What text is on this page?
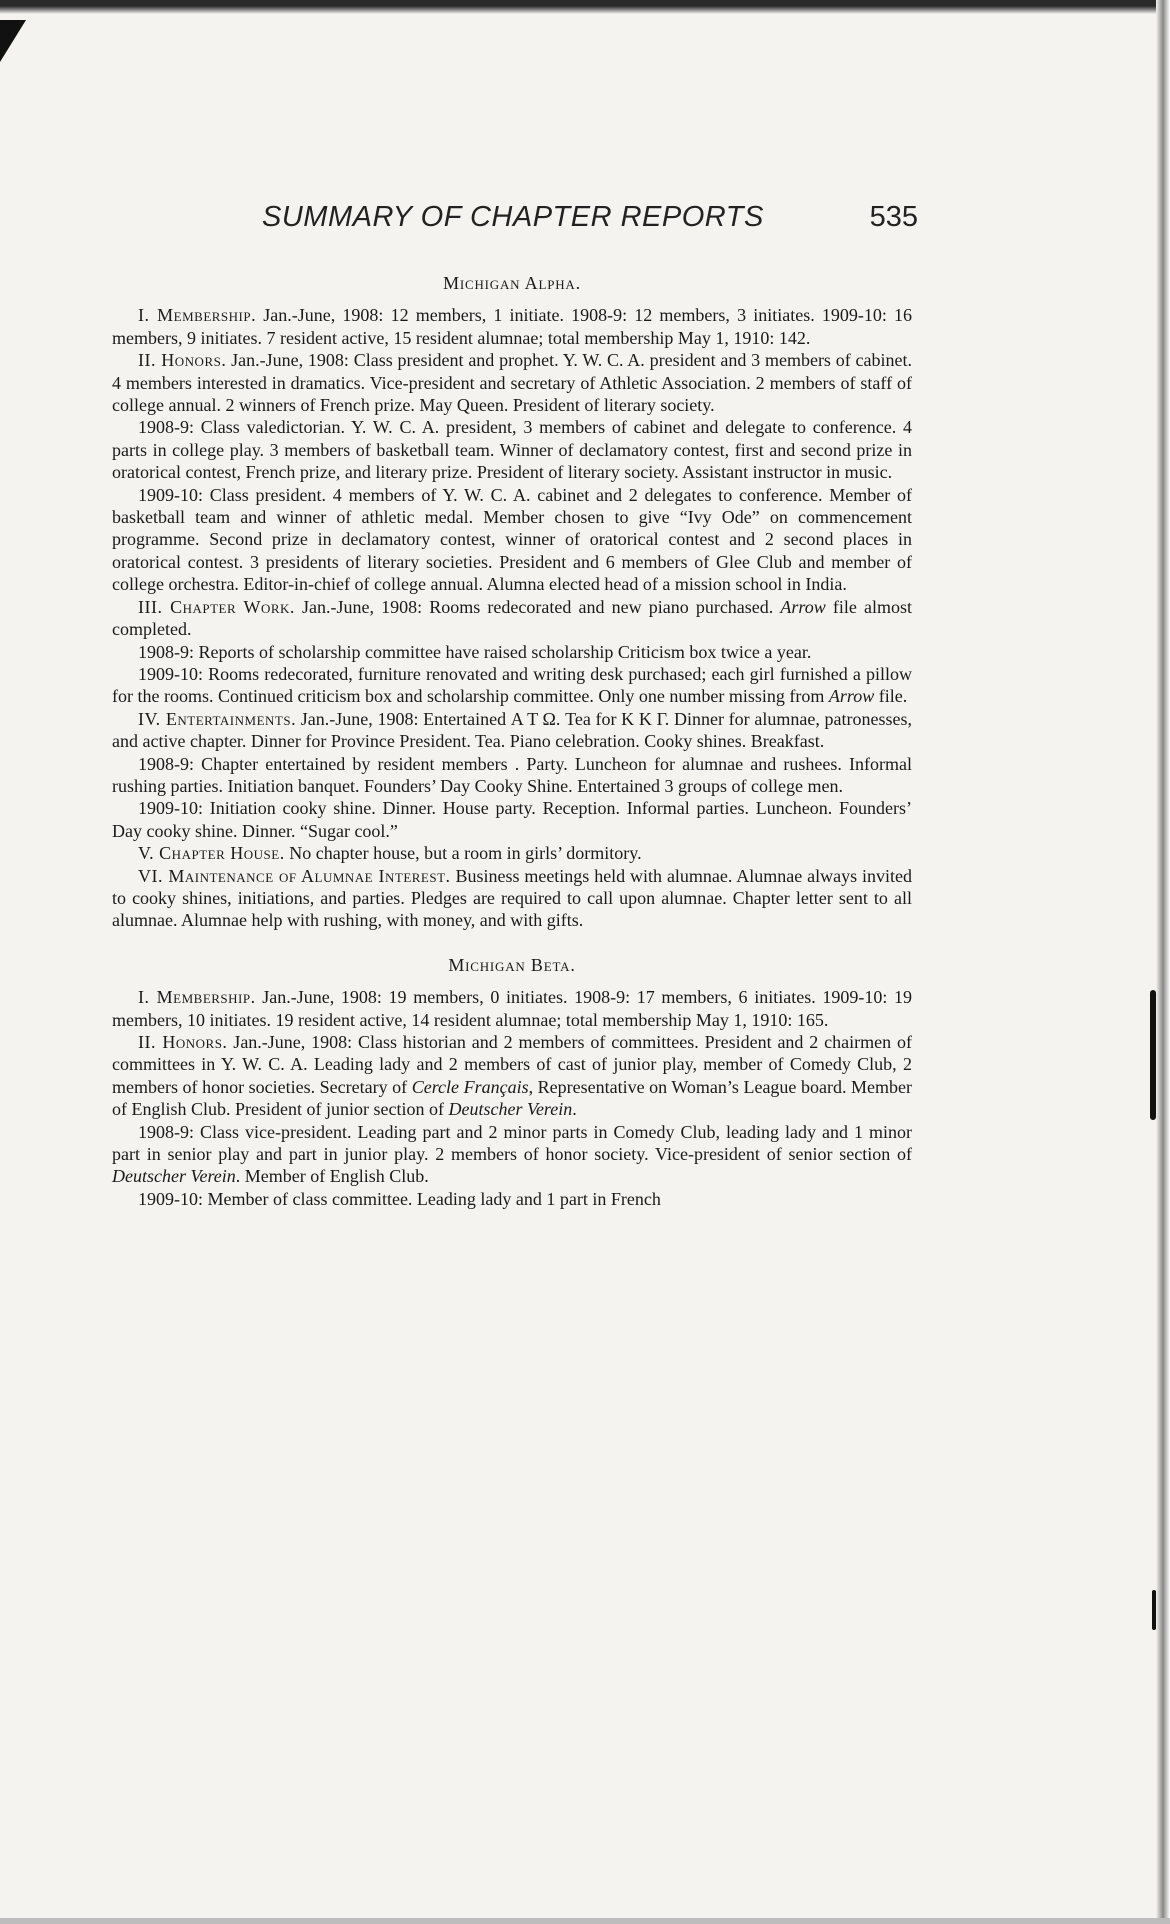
SUMMARY OF CHAPTER REPORTS	535
Michigan Alpha.

I. Membership. Jan.-June, 1908: 12 members, 1 initiate. 1908-9: 12 members, 3 initiates. 1909-10: 16 members, 9 initiates. 7 resident active, 15 resident alumnae; total membership May 1, 1910: 142.

II. Honors. Jan.-June, 1908: Class president and prophet. Y. W. C. A. president and 3 members of cabinet. 4 members interested in dramatics. Vice-president and secretary of Athletic Association. 2 members of staff of college annual. 2 winners of French prize. May Queen. President of literary society.

1908-9: Class valedictorian. Y. W. C. A. president, 3 members of cabinet and delegate to conference. 4 parts in college play. 3 members of basketball team. Winner of declamatory contest, first and second prize in oratorical contest, French prize, and literary prize. President of literary society. Assistant instructor in music.

1909-10: Class president. 4 members of Y. W. C. A. cabinet and 2 delegates to conference. Member of basketball team and winner of athletic medal. Member chosen to give “Ivy Ode” on commencement programme. Second prize in declamatory contest, winner of oratorical contest and 2 second places in oratorical contest. 3 presidents of literary societies. President and 6 members of Glee Club and member of college orchestra. Editor-in-chief of college annual. Alumna elected head of a mission school in India.

III. Chapter Work. Jan.-June, 1908: Rooms redecorated and new piano purchased. Arrow file almost completed.

1908-9: Reports of scholarship committee have raised scholarship Criticism box twice a year.

1909-10: Rooms redecorated, furniture renovated and writing desk purchased; each girl furnished a pillow for the rooms. Continued criticism box and scholarship committee. Only one number missing from Arrow file.

IV. Entertainments. Jan.-June, 1908: Entertained Α Τ Ω. Tea for Κ Κ Γ. Dinner for alumnae, patronesses, and active chapter. Dinner for Province President. Tea. Piano celebration. Cooky shines. Breakfast.

1908-9: Chapter entertained by resident members . Party. Luncheon for alumnae and rushees. Informal rushing parties. Initiation banquet. Founders’ Day Cooky Shine. Entertained 3 groups of college men.

1909-10: Initiation cooky shine. Dinner. House party. Reception. Informal parties. Luncheon. Founders’ Day cooky shine. Dinner. “Sugar cool.”

V. Chapter House. No chapter house, but a room in girls’ dormitory.

VI. Maintenance of Alumnae Interest. Business meetings held with alumnae. Alumnae always invited to cooky shines, initiations, and parties. Pledges are required to call upon alumnae. Chapter letter sent to all alumnae. Alumnae help with rushing, with money, and with gifts.

Michigan Beta.

I. Membership. Jan.-June, 1908: 19 members, 0 initiates. 1908-9: 17 members, 6 initiates. 1909-10: 19 members, 10 initiates. 19 resident active, 14 resident alumnae; total membership May 1, 1910: 165.

II. Honors. Jan.-June, 1908: Class historian and 2 members of committees. President and 2 chairmen of committees in Y. W. C. A. Leading lady and 2 members of cast of junior play, member of Comedy Club, 2 members of honor societies. Secretary of Cercle Français, Representative on Woman’s League board. Member of English Club. President of junior section of Deutscher Verein.

1908-9: Class vice-president. Leading part and 2 minor parts in Comedy Club, leading lady and 1 minor part in senior play and part in junior play. 2 members of honor society. Vice-president of senior section of Deutscher Verein. Member of English Club.

1909-10: Member of class committee. Leading lady and 1 part in French
